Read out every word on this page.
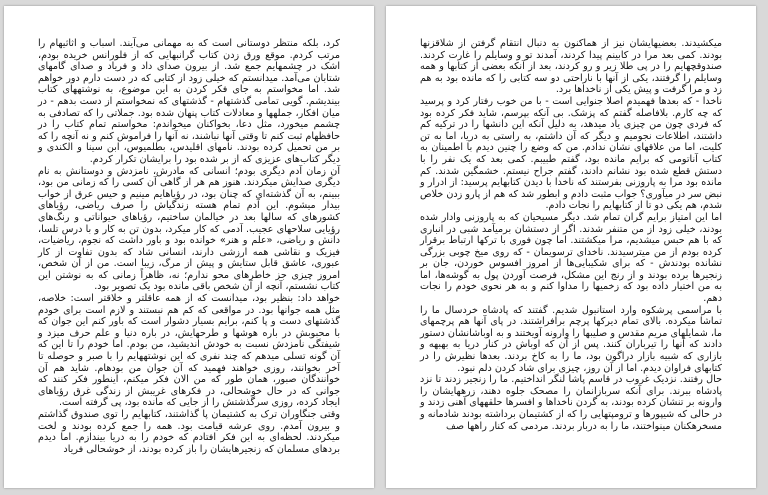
کرد، بلکه منتظر دوستانی است که به مهمانی می‌آیند. اسباب و اثاثیهام را مرتب کردم. موقع ورق زدن کتاب گرانبهایی که از فلورانس خریده بودم، اشک در چشمهایم جمع شد. از بیرون صدای داد و فریاد و صدای گامهای شتابان می‌آمد. میدانستم که خیلی زود از کتابی که در دست دارم دور خواهم شد. اما مخواستم به جای فکر کردن به این موضوع، به نوشتههای کتاب بیندیشم. گویی تمامی گذشتهام - گذشتهای که نمخواستم از دست بدهم - در میان افکار، جملهها و معادلات کتاب پنهان شده بود. جملاتی را که تصادفی به چشمم میخورد، مثل دعا، بخواکنان میخواندم: مخواستم تمام کتاب را در حافظهام ثبت کنم تا وقتی آنها نباشند، نه آنها را فراموش کنم و نه آنچه را که بر من تحمیل کرده بودند. نامهای اقلیدس، بطلمیوس، ابن سینا و الکندی و دیگر کتاب‌های عزیزی که از بر شده بود را برایشان تکرار کردم.

آن زمان آدم دیگری بودم؛ انسانی که مادرش، نامزدش و دوستانش به نام دیگری صدایش میکردند. هنوز هم هر از گاهی آن کسی را که زمانی من بود، ببینم، به آن گذشته‌ای که چنان بود، در رؤیاهایم مینیم و حیس عرق از خواب بیدار میشوم. این آدم تمام هسته زندگیاش را صرف ریاضی، رؤیاهای کشورهای که سالها بعد در خیالمان ساختیم، رؤیاهای حیواناتی و رنگ‌های رؤیایی سلاحهای عجیب. آدمی که کار میکرد، بدون تن به کار و با درس تلسا، دانش و ریاضی، «علم و هنر» خوانده بود و باور داشت که نجوم، ریاضیات، فیزیک و نقاشی همه ارزشی دارند، انسانی شاد که بدون تفاوت از کار عبوری، عاشق قابل ستایش و پیش از مرگ، زیبا است. من از آن شخص، امروز چیزی جز خاطرهای محو ندارم؛ نه، ظاهراً زمانی که به نوشتن این کتاب نشستم، آنچه از آن شخص باقی مانده بود یک تصویر بود.

خواهد داد: بنظیر بود، میدانست که از همه عاقلتر و خلاقتر است: خلاصه، مثل همه جوانها بود. در مواقعی که کم هم نبستند و لازم است برای خودم گذشتهای دست و پا کنم، برایم بسیار دشوار است که باور کنم این جوان که با محبوبش در باره هوشها و طرحهایش، در باره دنیا و علم حرف میزد و شیفتگی نامزدش نسبت به خودش اندیشید، من بودم. اما خودم را تا این که آن گونه تسلی میدهم که چند نفری که این نوشتههایم را با صبر و حوصله تا آخر بخوانند، روزی خواهند فهمید که آن جوان من بودهام. شاید هم آن خوانندگان صبور، همان طور که من الان فکر میکنم، اینطور فکر کنند که جوانی که در حال خوشحالی، در فکرهای غریبش از زندگی غرق رؤیاهای ایجاد کرده، روزی سرگذشتش را از جایی که مانده بود، پی گرفته است.

وقتی جنگاوران ترک به کشتیمان پا گذاشتند، کتابهایم را توی صندوق گذاشتم و بیرون آمدم. روی عرشه قیامت بود. همه را جمع کرده بودند و لخت میکردند. لحظه‌ای به این فکر افتادم که خودم را به دریا بیندازم. اما دیدم بردهای مسلمان که زنجیرهایشان را باز کرده بودند، از خوشحالی فریاد

میکشیدند. بعضیهایشان نیز از هماکنون به دنبال انتقام گرفتن از شلاقزنها بودند. کمی بعد مرا در کابینم پیدا کردند، آمدند تو و وسایلم را غارت کردند. صندوقچهایم را در پی طلا زیر و رو کردند، بعد از آنکه بعضی از کتابها و همه وسایلم را گرفتند، یکی از آنها با ناراحتی دو سه کتابی را که مانده بود به هم زد و مرا گرفت و پیش یکی از ناخداها برد.

ناخدا - که بعدها فهمیدم اصلا جنوایی است - با من خوب رفتار کرد و پرسید که چه کارم. بلافاصله گفتم که پزشک. بی آنکه بپرسم، شاید فکر کرده بود که فردی چون من چیزی یاد میدهد، به دلیل آنکه این دانشها را در ترکیه کم داشتند، اطلاعات نجومیم و دیگر که آن داشتم، به راستی به دریا، اما به تن کلیت، اما من علاقهای نشان ندادم. من که وضع را چنین دیدم با اطمینان به کتاب آناتومی که برایم مانده بود، گفتم طبیبم. کمی بعد که یک نفر را با دستش قطع شده بود نشانم دادند، گفتم جراح نیستم. خشمگین شدند. کم مانده بود مرا به پاروزنی بفرستند که ناخدا با دیدن کتابهایم پرسید: از ادرار و نبض سر در میآوری؟ جواب مثبت دادم و ابطور شد که هم از پارو زدن خلاص شدم، هم یکی دو تا از کتابهایم را نجات دادم.

اما این امتیاز برایم گران تمام شد. دیگر مسیحیان که به پاروزنی وادار شده بودند، خیلی زود از من متنفر شدند. اگر از دستشان برمیآمد شبی در انباری که با هم حبس میشدیم، مرا میکشتند. اما چون فوری با ترکها ارتباط برقرار کرده بودم از من میترسیدند. ناخدای ترسویمان - که روی میخ چوبی بزرگی نشانده بودندش - که برای شکیبایی‌ها از امروز افسوس خوردن، جان بر زنجیرها برده بودند و از رنج این مشکل، فرصت آوردن پول به گوشه‌ها، اما به من اختیار داده بود که زخمیها را مداوا کنم و به هر نحوی خودم را نجات دهم.

با مراسمی پرشکوه وارد استانبول شدیم. گفتند که پادشاه خردسال ما را تماشا میکرده. بالای تمام دیرکها پرچم برافراشتند. در پای آنها هم پرچمهای ما، شمایلهای مریم مقدس و صلیبها را وارونه آویختند و به اوباشانشان دستور دادند که آنها را تیرباران کنند. پس از آن که اوباش در کنار دریا به بهبهه و بازاری که شبیه بازار دراگون بود، ما را به کاخ بردند. بعدها نظیرش را در کتابهای فراوان دیدم. اما از آن روز، چیزی برای شاد کردن دلم نبود.

حال رفتند. نزدیک غروب در قاسم پاشا لنگر انداختیم. ما را زنجیر زدند تا نزد پادشاه ببرند. برای آنکه سربازانمان را مصحک جلوه دهند، زرههایشان را وارونه بر تنشان کرده بودند، به گردن ناخداها و افسرها حلقههای آهنی زدند و در حالی که شیپورها و ترومپتهایی را که از کشتیمان برداشته بودند شادمانه و مسخرهکنان مینواختند، ما را به دربار بردند. مردمی که کنار راهها صف
